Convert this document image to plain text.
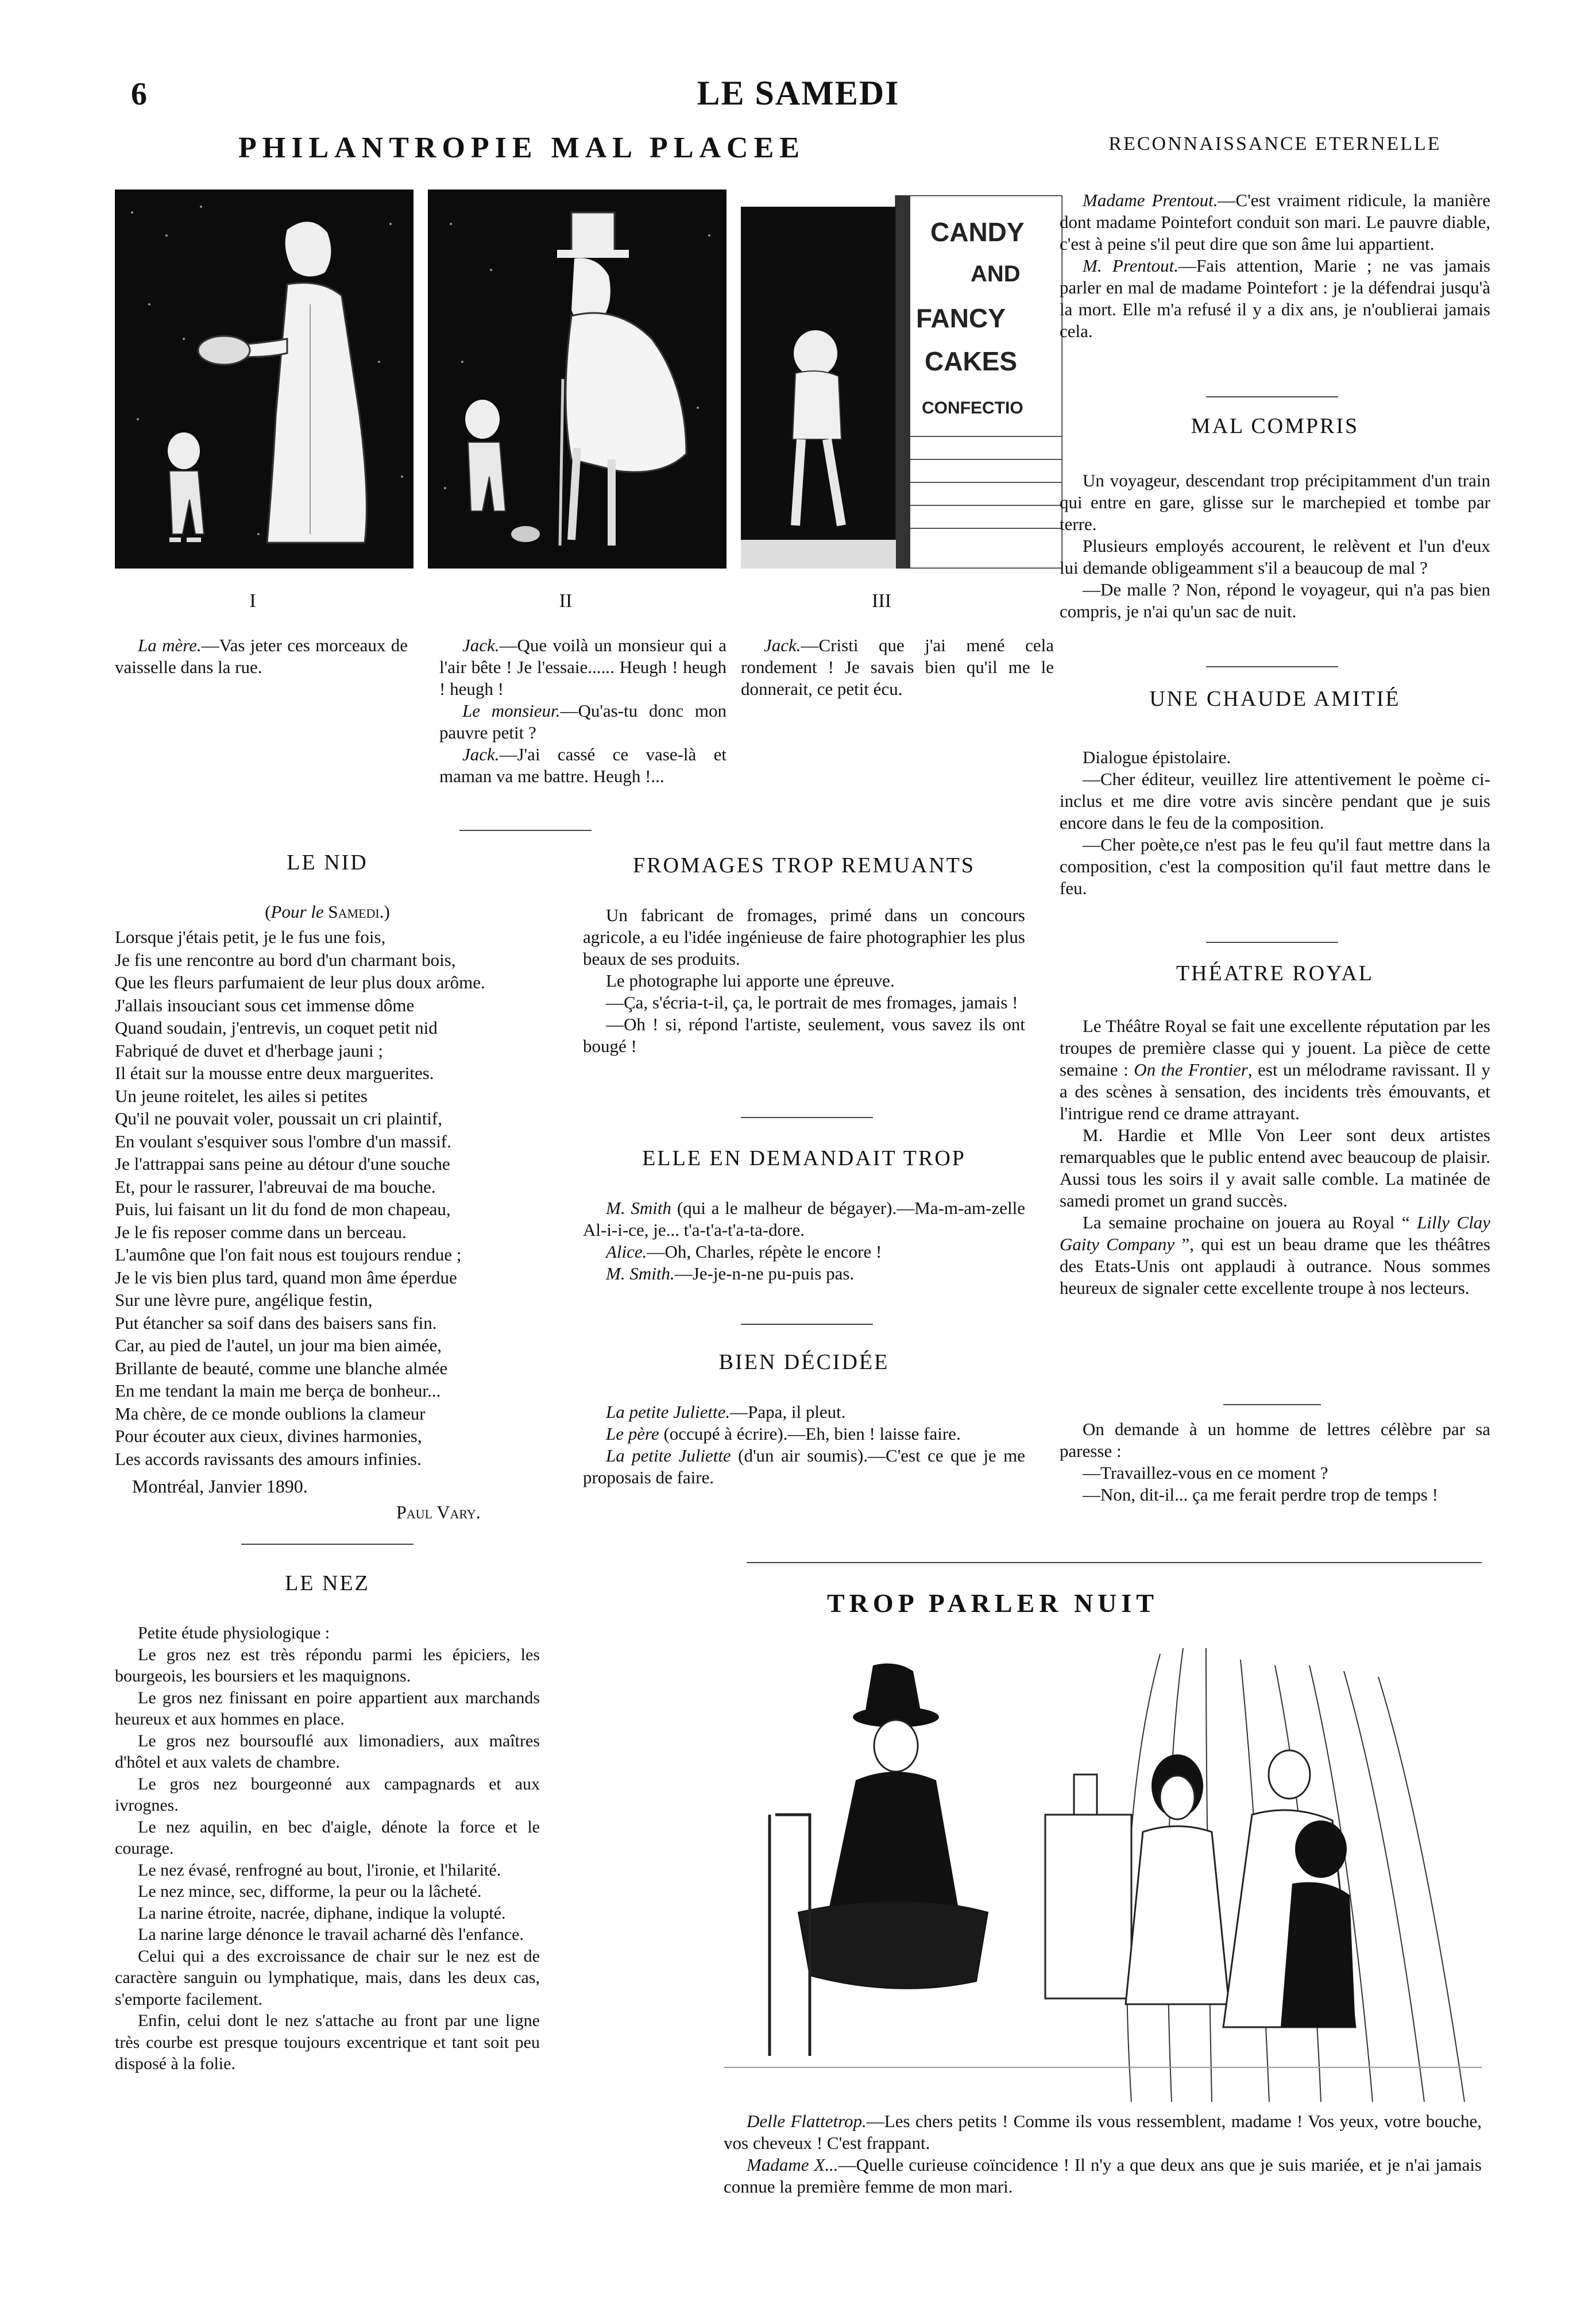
6	LE SAMEDI
PHILANTROPIE MAL PLACEE
CANDY
AND
FANCY
CAKES
CONFECTIO
I	II	III

La mère.—Vas jeter ces morceaux de vaisselle dans la rue.

Jack.—Que voilà un monsieur qui a l'air bête ! Je l'essaie...... Heugh ! heugh ! heugh !

Le monsieur.—Qu'as-tu donc mon pauvre petit ?

Jack.—J'ai cassé ce vase-là et maman va me battre. Heugh !...

Jack.—Cristi que j'ai mené cela rondement ! Je savais bien qu'il me le donnerait, ce petit écu.

RECONNAISSANCE ETERNELLE

Madame Prentout.—C'est vraiment ridicule, la manière dont madame Pointefort conduit son mari. Le pauvre diable, c'est à peine s'il peut dire que son âme lui appartient.

M. Prentout.—Fais attention, Marie ; ne vas jamais parler en mal de madame Pointefort : je la défendrai jusqu'à la mort. Elle m'a refusé il y a dix ans, je n'oublierai jamais cela.

MAL COMPRIS

Un voyageur, descendant trop précipitamment d'un train qui entre en gare, glisse sur le marchepied et tombe par terre.

Plusieurs employés accourent, le relèvent et l'un d'eux lui demande obligeamment s'il a beaucoup de mal ?

—De malle ? Non, répond le voyageur, qui n'a pas bien compris, je n'ai qu'un sac de nuit.

UNE CHAUDE AMITIÉ

Dialogue épistolaire.

—Cher éditeur, veuillez lire attentivement le poème ci-inclus et me dire votre avis sincère pendant que je suis encore dans le feu de la composition.

—Cher poète,ce n'est pas le feu qu'il faut mettre dans la composition, c'est la composition qu'il faut mettre dans le feu.

THÉATRE ROYAL

Le Théâtre Royal se fait une excellente réputation par les troupes de première classe qui y jouent. La pièce de cette semaine : On the Frontier, est un mélodrame ravissant. Il y a des scènes à sensation, des incidents très émouvants, et l'intrigue rend ce drame attrayant.

M. Hardie et Mlle Von Leer sont deux artistes remarquables que le public entend avec beaucoup de plaisir. Aussi tous les soirs il y avait salle comble. La matinée de samedi promet un grand succès.

La semaine prochaine on jouera au Royal “ Lilly Clay Gaity Company ”, qui est un beau drame que les théâtres des Etats-Unis ont applaudi à outrance. Nous sommes heureux de signaler cette excellente troupe à nos lecteurs.

On demande à un homme de lettres célèbre par sa paresse :

—Travaillez-vous en ce moment ?

—Non, dit-il... ça me ferait perdre trop de temps !

LE NID
(Pour le Samedi.)
Lorsque j'étais petit, je le fus une fois,
Je fis une rencontre au bord d'un charmant bois,
Que les fleurs parfumaient de leur plus doux arôme.
J'allais insouciant sous cet immense dôme
Quand soudain, j'entrevis, un coquet petit nid
Fabriqué de duvet et d'herbage jauni ;
Il était sur la mousse entre deux marguerites.
Un jeune roitelet, les ailes si petites
Qu'il ne pouvait voler, poussait un cri plaintif,
En voulant s'esquiver sous l'ombre d'un massif.
Je l'attrappai sans peine au détour d'une souche
Et, pour le rassurer, l'abreuvai de ma bouche.
Puis, lui faisant un lit du fond de mon chapeau,
Je le fis reposer comme dans un berceau.
L'aumône que l'on fait nous est toujours rendue ;
Je le vis bien plus tard, quand mon âme éperdue
Sur une lèvre pure, angélique festin,
Put étancher sa soif dans des baisers sans fin.
Car, au pied de l'autel, un jour ma bien aimée,
Brillante de beauté, comme une blanche almée
En me tendant la main me berça de bonheur...
Ma chère, de ce monde oublions la clameur
Pour écouter aux cieux, divines harmonies,
Les accords ravissants des amours infinies.
Montréal, Janvier 1890.
Paul Vary.
LE NEZ

Petite étude physiologique :

Le gros nez est très répondu parmi les épiciers, les bourgeois, les boursiers et les maquignons.

Le gros nez finissant en poire appartient aux marchands heureux et aux hommes en place.

Le gros nez boursouflé aux limonadiers, aux maîtres d'hôtel et aux valets de chambre.

Le gros nez bourgeonné aux campagnards et aux ivrognes.

Le nez aquilin, en bec d'aigle, dénote la force et le courage.

Le nez évasé, renfrogné au bout, l'ironie, et l'hilarité.

Le nez mince, sec, difforme, la peur ou la lâcheté.

La narine étroite, nacrée, diphane, indique la volupté.

La narine large dénonce le travail acharné dès l'enfance.

Celui qui a des excroissance de chair sur le nez est de caractère sanguin ou lymphatique, mais, dans les deux cas, s'emporte facilement.

Enfin, celui dont le nez s'attache au front par une ligne très courbe est presque toujours excentrique et tant soit peu disposé à la folie.

FROMAGES TROP REMUANTS

Un fabricant de fromages, primé dans un concours agricole, a eu l'idée ingénieuse de faire photographier les plus beaux de ses produits.

Le photographe lui apporte une épreuve.

—Ça, s'écria-t-il, ça, le portrait de mes fromages, jamais !

—Oh ! si, répond l'artiste, seulement, vous savez ils ont bougé !

ELLE EN DEMANDAIT TROP

M. Smith (qui a le malheur de bégayer).—Ma-m-am-zelle Al-i-i-ce, je... t'a-t'a-t'a-ta-dore.

Alice.—Oh, Charles, répète le encore !

M. Smith.—Je-je-n-ne pu-puis pas.

BIEN DÉCIDÉE

La petite Juliette.—Papa, il pleut.

Le père (occupé à écrire).—Eh, bien ! laisse faire.

La petite Juliette (d'un air soumis).—C'est ce que je me proposais de faire.

TROP PARLER NUIT

Delle Flattetrop.—Les chers petits ! Comme ils vous ressemblent, madame ! Vos yeux, votre bouche, vos cheveux ! C'est frappant.

Madame X...—Quelle curieuse coïncidence ! Il n'y a que deux ans que je suis mariée, et je n'ai jamais connue la première femme de mon mari.
